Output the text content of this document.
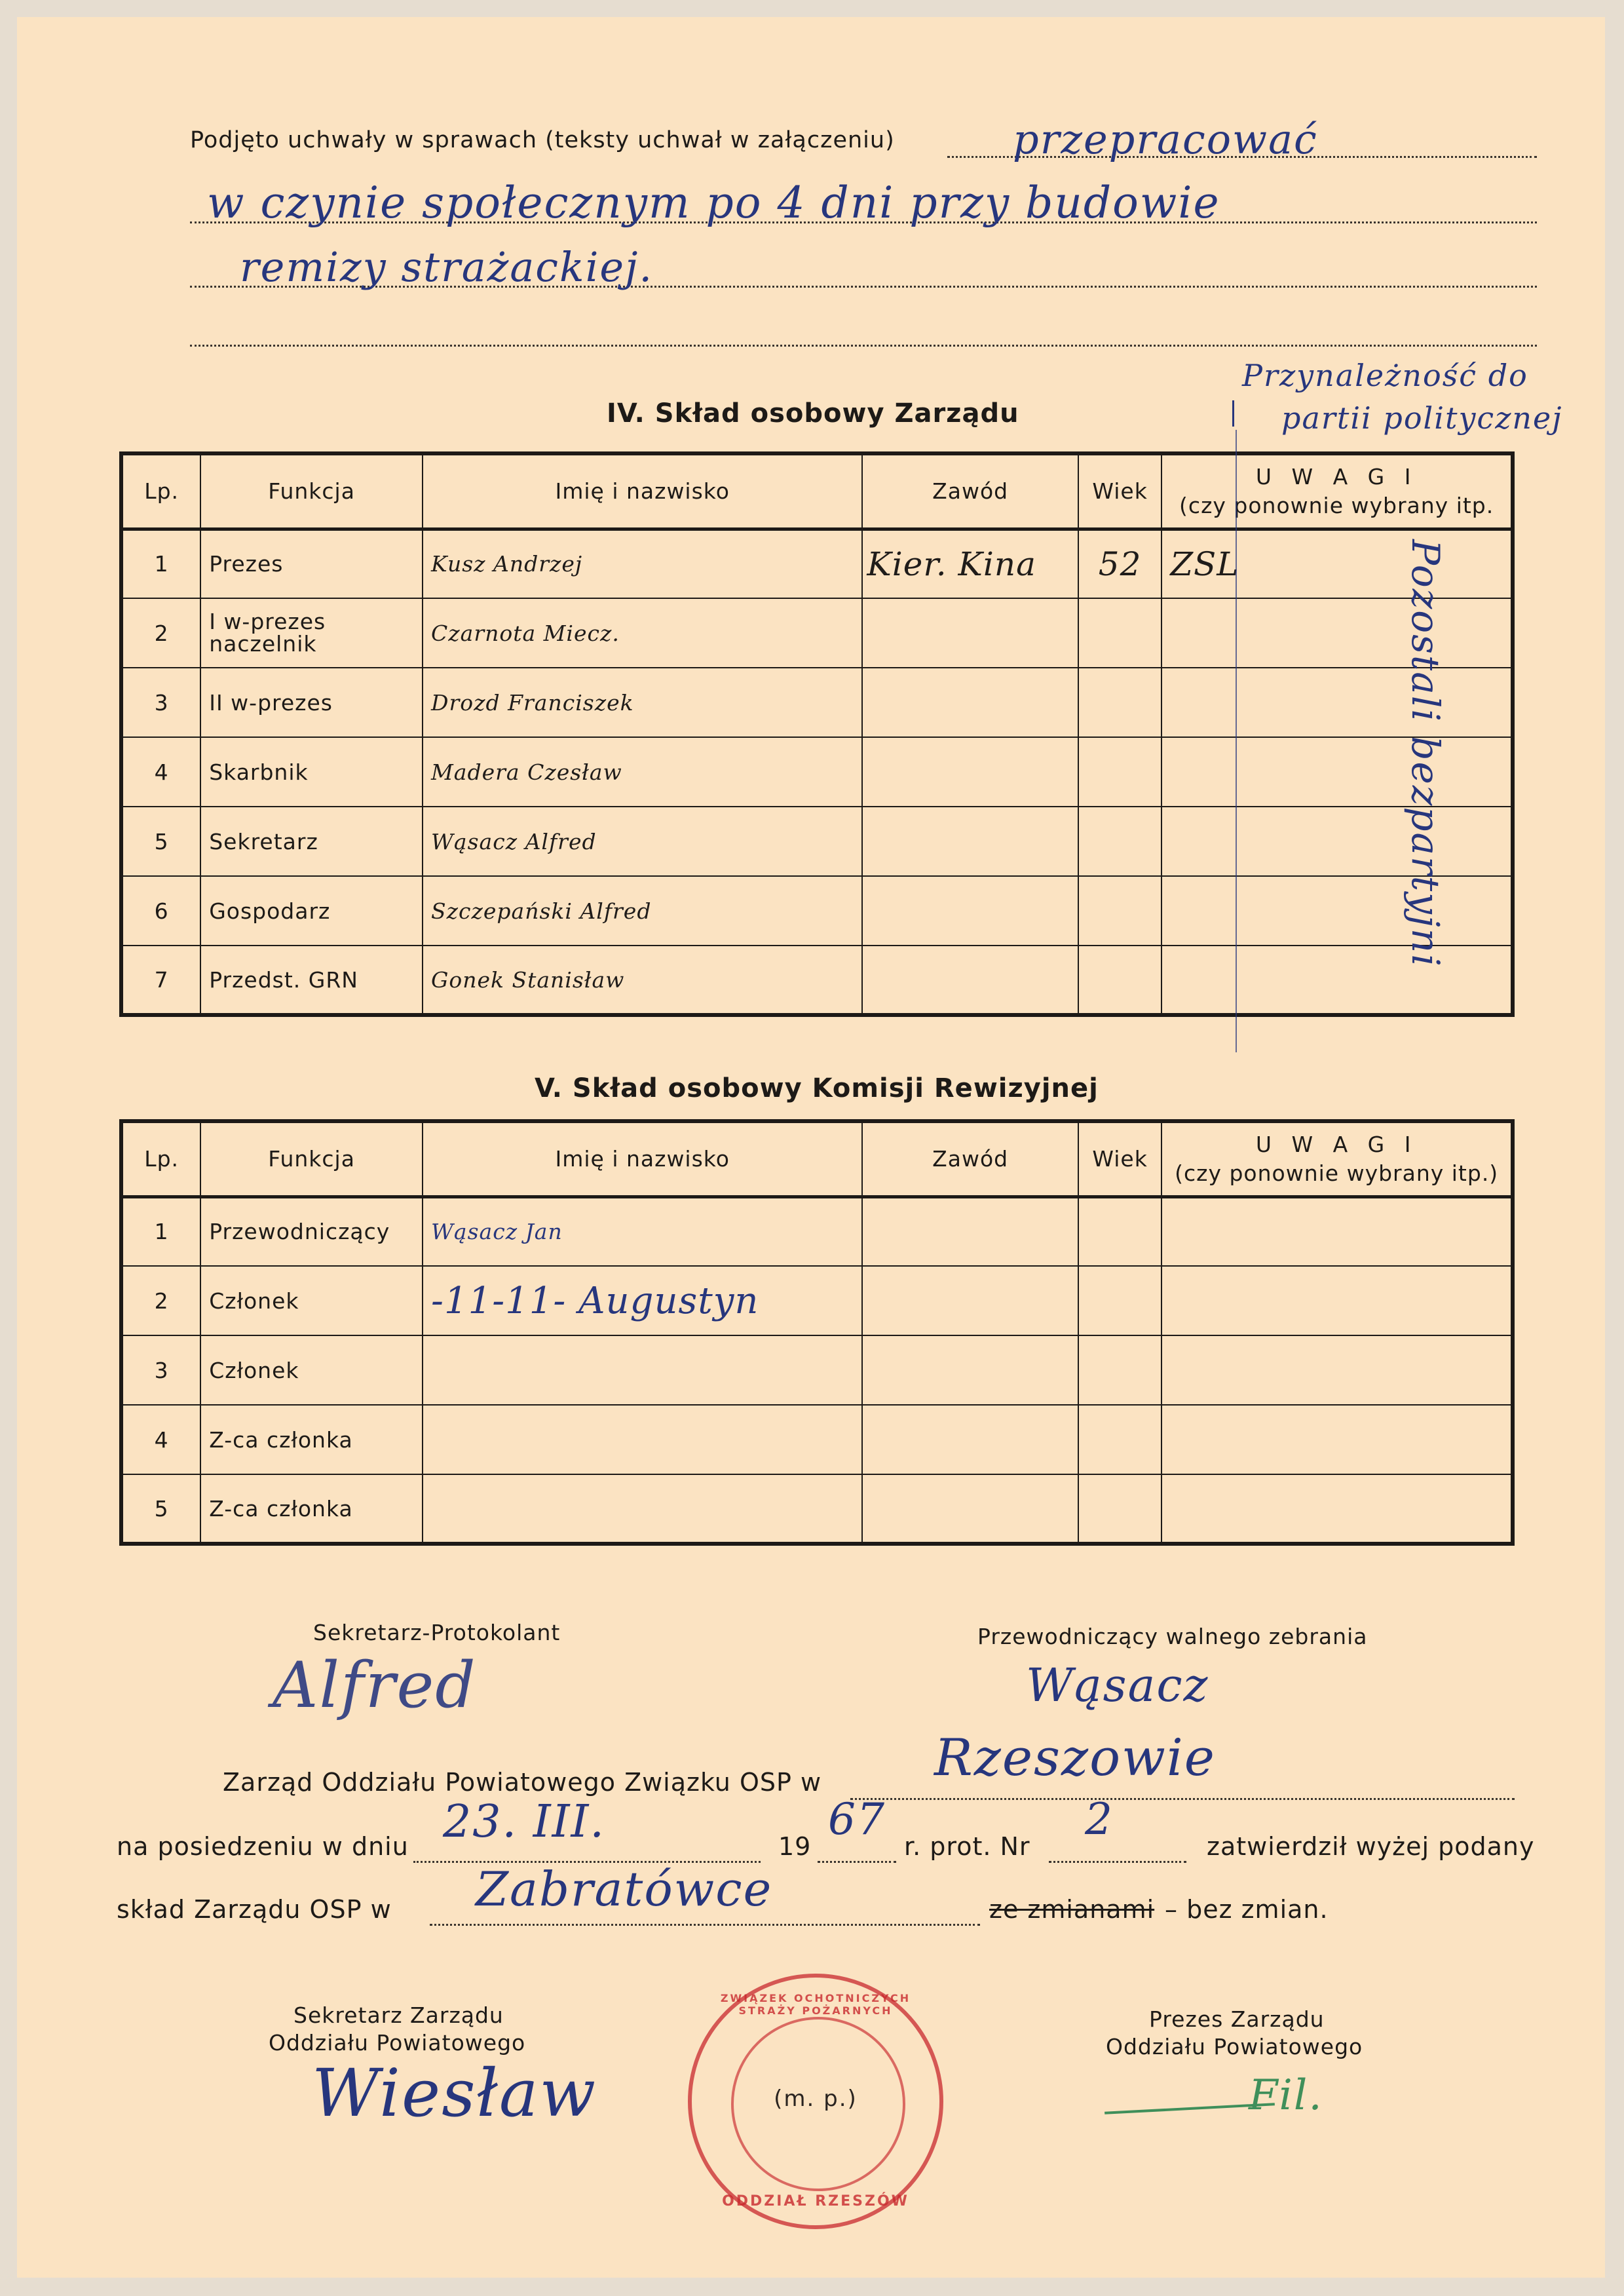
Podjęto uchwały w sprawach (teksty uchwał w załączeniu)	przepracować
w czynie społecznym po 4 dni przy budowie
remizy strażackiej.
Przynależność do
partii politycznej
IV. Skład osobowy Zarządu
Lp.	Funkcja	Imię i nazwisko	Zawód	Wiek	U W A G I
(czy ponownie wybrany itp.

1	Prezes	Kusz Andrzej	Kier. Kina	52	ZSL
2	I w-prezes
naczelnik	Czarnota Miecz.			
3	II w-prezes	Drozd Franciszek			
4	Skarbnik	Madera Czesław			
5	Sekretarz	Wąsacz Alfred			
6	Gospodarz	Szczepański Alfred			
7	Przedst. GRN	Gonek Stanisław			
Pozostali bezpartyjni
V. Skład osobowy Komisji Rewizyjnej
Lp.	Funkcja	Imię i nazwisko	Zawód	Wiek	U W A G I
(czy ponownie wybrany itp.)

1	Przewodniczący	Wąsacz Jan			
2	Członek	-11-11- Augustyn			
3	Członek				
4	Z-ca członka				
5	Z-ca członka				
Sekretarz-Protokolant
Alfred
Przewodniczący walnego zebrania
Wąsacz
Zarząd Oddziału Powiatowego Związku OSP w Rzeszowie
na posiedzeniu w dniu 23. III.	19
67
r. prot. Nr
2
zatwierdził wyżej podany
skład Zarządu OSP w Zabratówce	ze zmianami – bez zmian.
Sekretarz Zarządu
Oddziału Powiatowego
Wiesław
Prezes Zarządu
Oddziału Powiatowego
Fil.
ZWIĄZEK OCHOTNICZYCH STRAŻY POŻARNYCH
(m. p.)
ODDZIAŁ RZESZÓW
